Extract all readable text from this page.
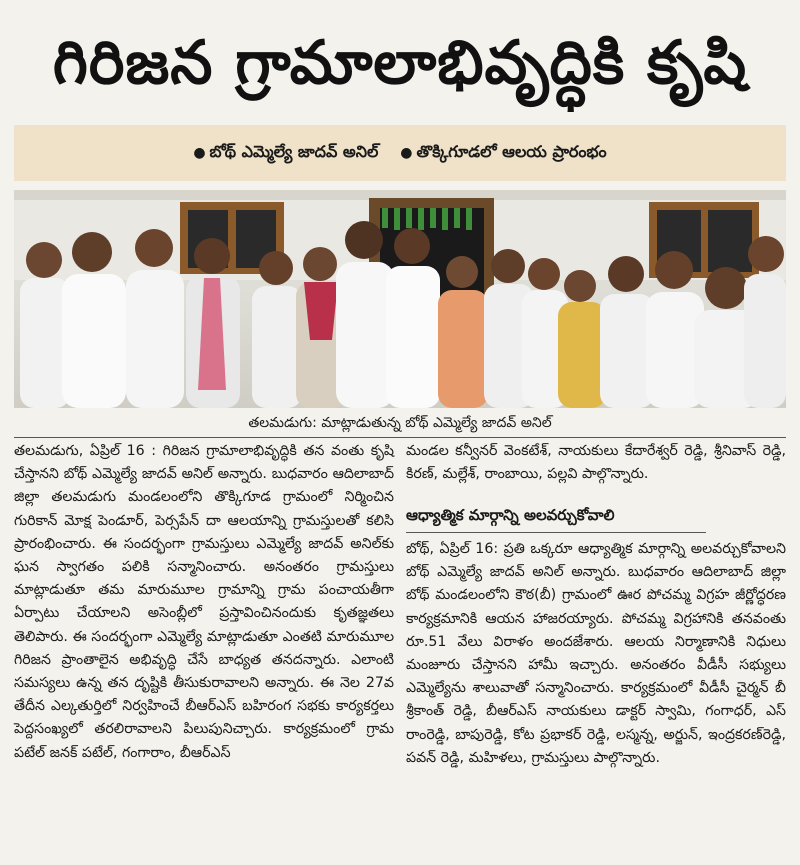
గిరిజన గ్రామాలాభివృద్ధికి కృషి
● బోథ్ ఎమ్మెల్యే జాదవ్ అనిల్ ● తొక్కిగూడలో ఆలయ ప్రారంభం
తలమడుగు: మాట్లాడుతున్న బోథ్ ఎమ్మెల్యే జాదవ్ అనిల్
తలమడుగు, ఏప్రిల్ 16 : గిరిజన గ్రామాలాభివృద్ధికి తన వంతు కృషి చేస్తానని బోథ్ ఎమ్మెల్యే జాదవ్ అనిల్ అన్నారు. బుధవారం ఆదిలాబాద్ జిల్లా తలమడుగు మండలంలోని తొక్కిగూడ గ్రామంలో నిర్మించిన గురికాన్ మోక్ష పెండూర్, పెర్సపేన్ దా ఆలయాన్ని గ్రామస్తులతో కలిసి ప్రారంభించారు. ఈ సందర్భంగా గ్రామస్తులు ఎమ్మెల్యే జాదవ్ అనిల్‌కు ఘన స్వాగతం పలికి సన్మానించారు. అనంతరం గ్రామస్తులు మాట్లాడుతూ తమ మారుమూల గ్రామాన్ని గ్రామ పంచాయతీగా ఏర్పాటు చేయాలని అసెంబ్లీలో ప్రస్తావించినందుకు కృతజ్ఞతలు తెలిపారు. ఈ సందర్భంగా ఎమ్మెల్యే మాట్లాడుతూ ఎంతటి మారుమూల గిరిజన ప్రాంతాలైన అభివృద్ధి చేసే బాధ్యత తనదన్నారు. ఎలాంటి సమస్యలు ఉన్న తన దృష్టికి తీసుకురావాలని అన్నారు. ఈ నెల 27వ తేదీన ఎల్కతుర్తిలో నిర్వహించే బీఆర్ఎస్ బహిరంగ సభకు కార్యకర్తలు పెద్దసంఖ్యలో తరలిరావాలని పిలుపునిచ్చారు. కార్యక్రమంలో గ్రామ పటేల్ జనక్ పటేల్, గంగారాం, బీఆర్ఎస్
మండల కన్వీనర్ వెంకటేశ్, నాయకులు కేదారేశ్వర్ రెడ్డి, శ్రీనివాస్ రెడ్డి, కిరణ్, మల్లేశ్, రాంబాయి, పల్లవి పాల్గొన్నారు.
ఆధ్యాత్మిక మార్గాన్ని అలవర్చుకోవాలి
బోథ్, ఏప్రిల్ 16: ప్రతి ఒక్కరూ ఆధ్యాత్మిక మార్గాన్ని అలవర్చుకోవాలని బోథ్ ఎమ్మెల్యే జాదవ్ అనిల్ అన్నారు. బుధవారం ఆదిలాబాద్ జిల్లా బోథ్ మండలంలోని కౌఠ(బీ) గ్రామంలో ఊర పోచమ్మ విగ్రహ జీర్ణోద్ధరణ కార్యక్రమానికి ఆయన హాజరయ్యారు. పోచమ్మ విగ్రహానికి తనవంతు రూ.51 వేలు విరాళం అందజేశారు. ఆలయ నిర్మాణానికి నిధులు మంజూరు చేస్తానని హామీ ఇచ్చారు. అనంతరం వీడీసీ సభ్యులు ఎమ్మెల్యేను శాలువాతో సన్మానించారు. కార్యక్రమంలో వీడీసీ చైర్మన్ బీ శ్రీకాంత్ రెడ్డి, బీఆర్ఎస్ నాయకులు డాక్టర్ స్వామి, గంగాధర్, ఎస్ రాంరెడ్డి, బాపురెడ్డి, కోట ప్రభాకర్ రెడ్డి, లస్మన్న, అర్జున్, ఇంద్రకరణ్‌రెడ్డి, పవన్ రెడ్డి, మహిళలు, గ్రామస్తులు పాల్గొన్నారు.
